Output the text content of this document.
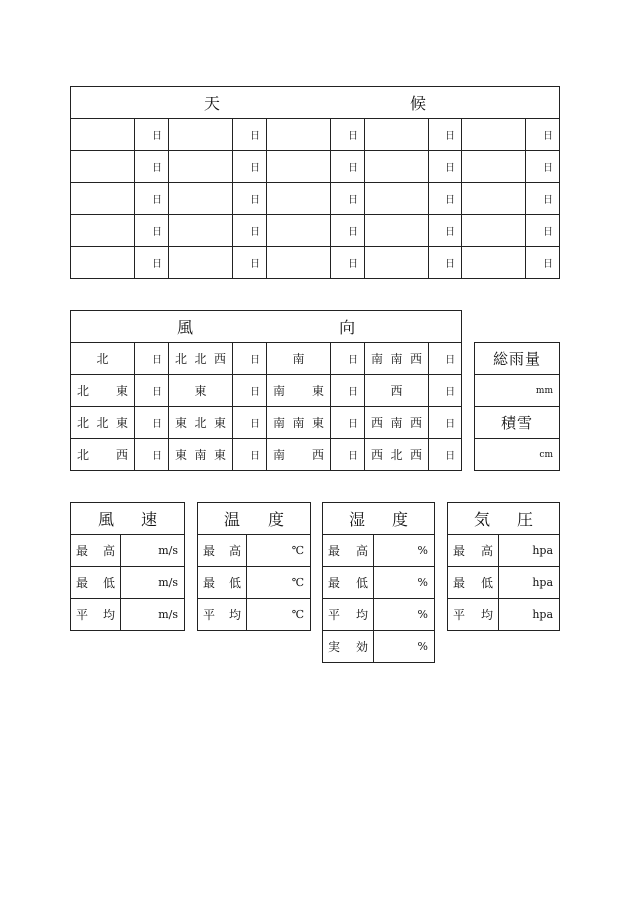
天 候									
	日		日		日		日		日
	日		日		日		日		日
	日		日		日		日		日
	日		日		日		日		日
	日		日		日		日		日
風 向							
北	日	北 北 西	日	南	日	南 南 西	日
北 東	日	東	日	南 東	日	西	日
北 北 東	日	東 北 東	日	南 南 東	日	西 南 西	日
北 西	日	東 南 東	日	南 西	日	西 北 西	日
総雨量
mm
積雪
cm
風 速	
最 高	m/s
最 低	m/s
平 均	m/s
温 度	
最 高	℃
最 低	℃
平 均	℃
湿 度	
最 高	%
最 低	%
平 均	%
実 効	%
気 圧	
最 高	hpa
最 低	hpa
平 均	hpa
